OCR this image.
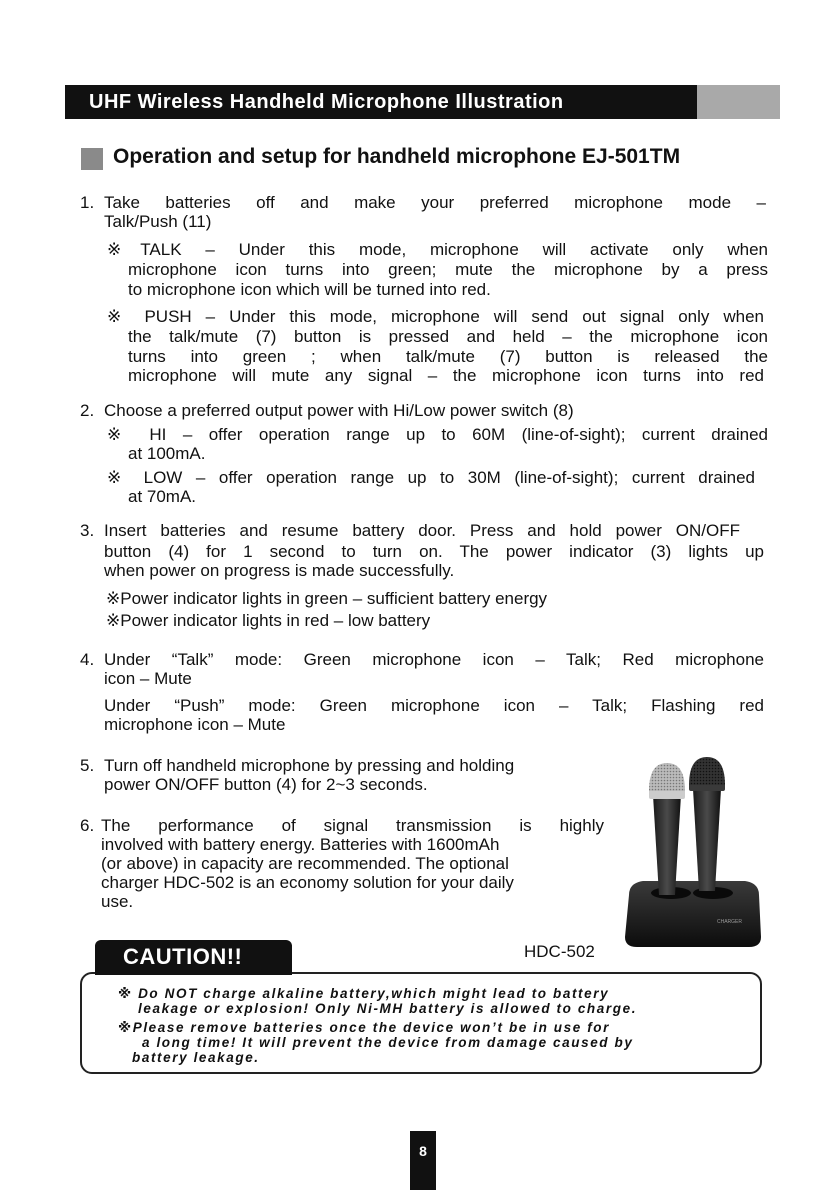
UHF Wireless Handheld Microphone Illustration
Operation and setup for handheld microphone EJ-501TM
1. Take batteries off and make your preferred microphone mode –
Talk/Push (11)
※TALK – Under this mode, microphone will activate only when
microphone icon turns into green; mute the microphone by a press
to microphone icon which will be turned into red.
※ PUSH – Under this mode, microphone will send out signal only when
the talk/mute (7) button is pressed and held – the microphone icon
turns into green ; when talk/mute (7) button is released the
microphone will mute any signal – the microphone icon turns into red
2. Choose a preferred output power with Hi/Low power switch (8)
※ HI – offer operation range up to 60M (line-of-sight); current drained
at 100mA.
※ LOW – offer operation range up to 30M (line-of-sight); current drained
at 70mA.
3. Insert batteries and resume battery door. Press and hold power ON/OFF
button (4) for 1 second to turn on. The power indicator (3) lights up
when power on progress is made successfully.
※Power indicator lights in green – sufficient battery energy
※Power indicator lights in red – low battery
4. Under “Talk” mode: Green microphone icon – Talk; Red microphone
icon – Mute
Under “Push” mode: Green microphone icon – Talk; Flashing red
microphone icon – Mute
5. Turn off handheld microphone by pressing and holding
power ON/OFF button (4) for 2~3 seconds.
6. The performance of signal transmission is highly
involved with battery energy. Batteries with 1600mAh
(or above) in capacity are recommended. The optional
charger HDC-502 is an economy solution for your daily
use.
CHARGER
HDC-502
※ Do NOT charge alkaline battery,which might lead to battery
leakage or explosion! Only Ni-MH battery is allowed to charge.
※Please remove batteries once the device won’t be in use for
a long time! It will prevent the device from damage caused by
battery leakage.
CAUTION!!
8
